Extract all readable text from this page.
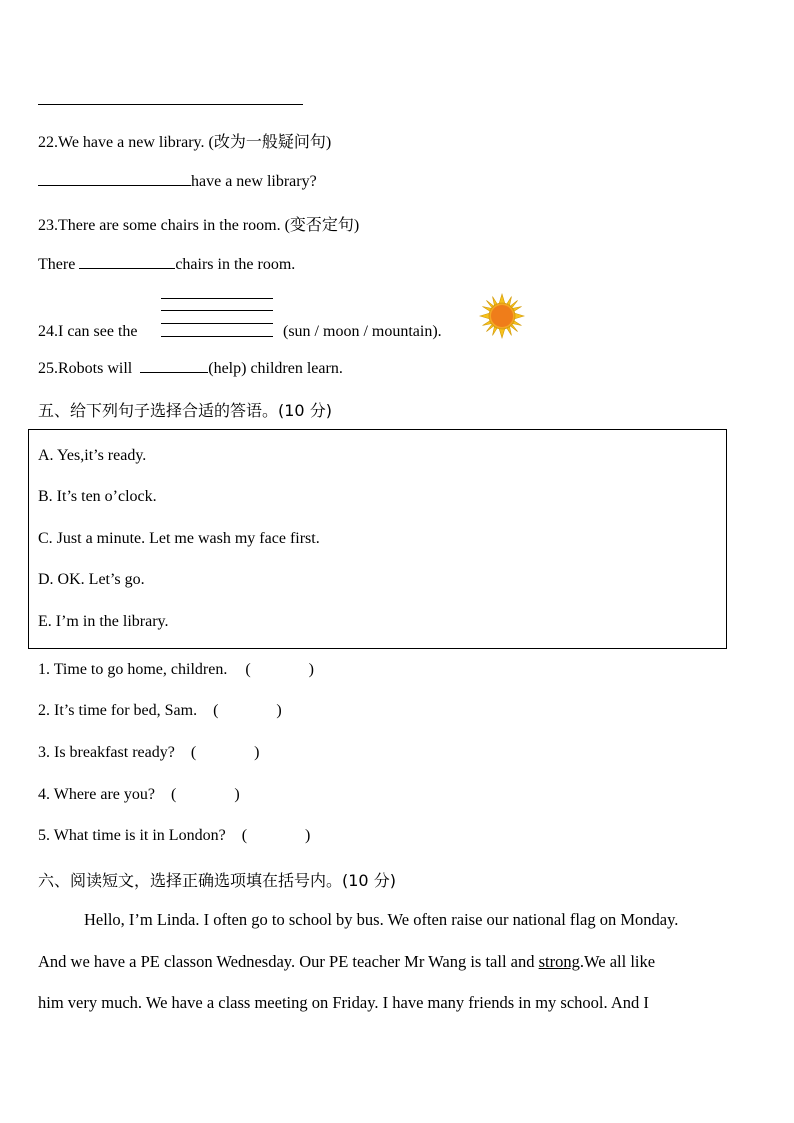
22.We have a new library. (改为一般疑问句)
have a new library?
23.There are some chairs in the room. (变否定句)
There	chairs in the room.
24.I can see the	(sun / moon / mountain).
25.Robots will	(help) children learn.
五、给下列句子选择合适的答语。(10 分)
A. Yes,it’s ready.
B. It’s ten o’clock.
C. Just a minute. Let me wash my face first.
D. OK. Let’s go.
E. I’m in the library.
1. Time to go home, children. (	)
2. It’s time for bed, Sam. (	)
3. Is breakfast ready? (	)
4. Where are you? (	)
5. What time is it in London? (	)
六、阅读短文，选择正确选项填在括号内。(10 分)
Hello, I’m Linda. I often go to school by bus. We often raise our national flag on Monday.
And we have a PE classon Wednesday. Our PE teacher Mr Wang is tall and strong.We all like
him very much. We have a class meeting on Friday. I have many friends in my school. And I
